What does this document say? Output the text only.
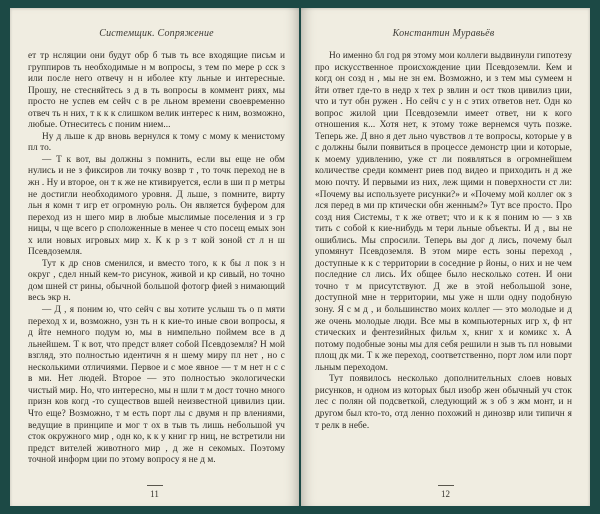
Системщик. Сопряжение

ет тр нсляции они будут обр б тыв ть все входящие письм и группиров ть необходимые н м вопросы, з тем по мере р сск з или после него отвечу н н иболее кту льные и интересные. Прошу, не стесняйтесь з д в ть вопросы в коммент риях, мы просто не успев ем сейч с в ре льном времени своевременно отвеч ть н них, т к к к слишком велик интерес к ним, возможно, любые. Отнеситесь с поним нием...

Ну д льше к др вновь вернулся к тому с мому к менистому пл то.

— Т к вот, вы должны з помнить, если вы еще не обм нулись и не з фиксиров ли точку возвр т , то точк переход не в жн . Ну и второе, он т к же не ктивируется, если в ши п р метры не достигли необходимого уровня. Д льше, з помните, вирту льн я комн т игр ет огромную роль. Он является буфером для переход из н шего мир в любые мыслимые поселения и з гр ницы, ч ще всего р сположенные в менее ч сто посещ емых зон х или новых игровых мир х. К к р з т кой зоной ст л н ш Псевдоземля.

Тут к др снов сменился, и вместо того, к к бы л пок з н округ , сдел нный кем-то рисунок, живой и кр сивый, но точно дом шней ст рины, обычной большой фотогр фией з нимающий весь экр н.

— Д , я поним ю, что сейч с вы хотите услыш ть о п мяти переход х и, возможно, узн ть н к кие-то иные свои вопросы, я д йте немного подум ю, мы в нимпельно поймем все в д льнейшем. Т к вот, что предст вляет собой Псевдоземля? Н мой взгляд, это полностью идентичн я н шему миру пл нет , но с несколькими отличиями. Первое и с мое явное — т м нет н с с в ми. Нет людей. Второе — это полностью экологически чистый мир. Но, что интересно, мы н шли т м дост точно много призн ков когд -то существов вшей неизвестной цивилиз ции. Что еще? Возможно, т м есть порт лы с двумя н пр влениями, ведущие в принципе и мог т ох в тыв ть лишь небольшой уч сток окружного мир , одн ко, к к у книг гр ниц, не встретили ни предст вителей животного мир , д же н секомых. Поэтому точной информ ции по этому вопросу я не д м.

11
Константин Муравьёв

Но именно бл год ря этому мои коллеги выдвинули гипотезу про искусственное происхождение ции Псевдоземли. Кем и когд он созд н , мы не зн ем. Возможно, и з тем мы сумеем н йти ответ где-то в недр х тех р звлин и ост тков цивилиз ции, что и тут обн ружен . Но сейч с у н с этих ответов нет. Одн ко вопрос жилой ции Псевдоземли имеет ответ, ни к кого отношения к... Хотя нет, к этому тоже вернемся чуть позже. Теперь же. Д вно я дет льно чувствов л те вопросы, которые у в с должны были появиться в процессе демонстр ции и которые, к моему удивлению, уже ст ли появляться в огромнейшем количестве среди коммент риев под видео и приходить н д же мою почту. И первыми из них, леж щими н поверхности ст ли: «Почему вы используете рисунки?» и «Почему мой коллег ок з лся перед в ми пр ктически обн женным?» Тут все просто. Про созд ния Системы, т к же ответ; что и к к я поним ю — з хв тить с собой к кие-нибудь м тери льные объекты. И д , вы не ошиблись. Мы спросили. Теперь вы дог д лись, почему был упомянут Псевдоземля. В этом мире есть зоны переход , доступные к к с территории в соседние р йоны, о них и не чем последние сл лись. Их общее было несколько сотен. И они точно т м присутствуют. Д же в этой небольшой зоне, доступной мне н территории, мы уже н шли одну подобную зону. Я с м д , и большинство моих коллег — это молодые и д же очень молодые люди. Все мы в компьютерных игр х, ф нт стических и фентезийных фильм х, книг х и комикс х. А потому подобные зоны мы для себя решили н зыв ть пл новыми площ дк ми. Т к же переход, соответственно, порт лом или порт льным переходом.

Тут появилось несколько дополнительных слоев новых рисунков, н одном из которых был изобр жен обычный уч сток лес с полян ой подсветкой, следующий ж з об з жм монт, и н другом был кто-то, отд ленно похожий н динозвр или типичн я т релк в небе.

12
